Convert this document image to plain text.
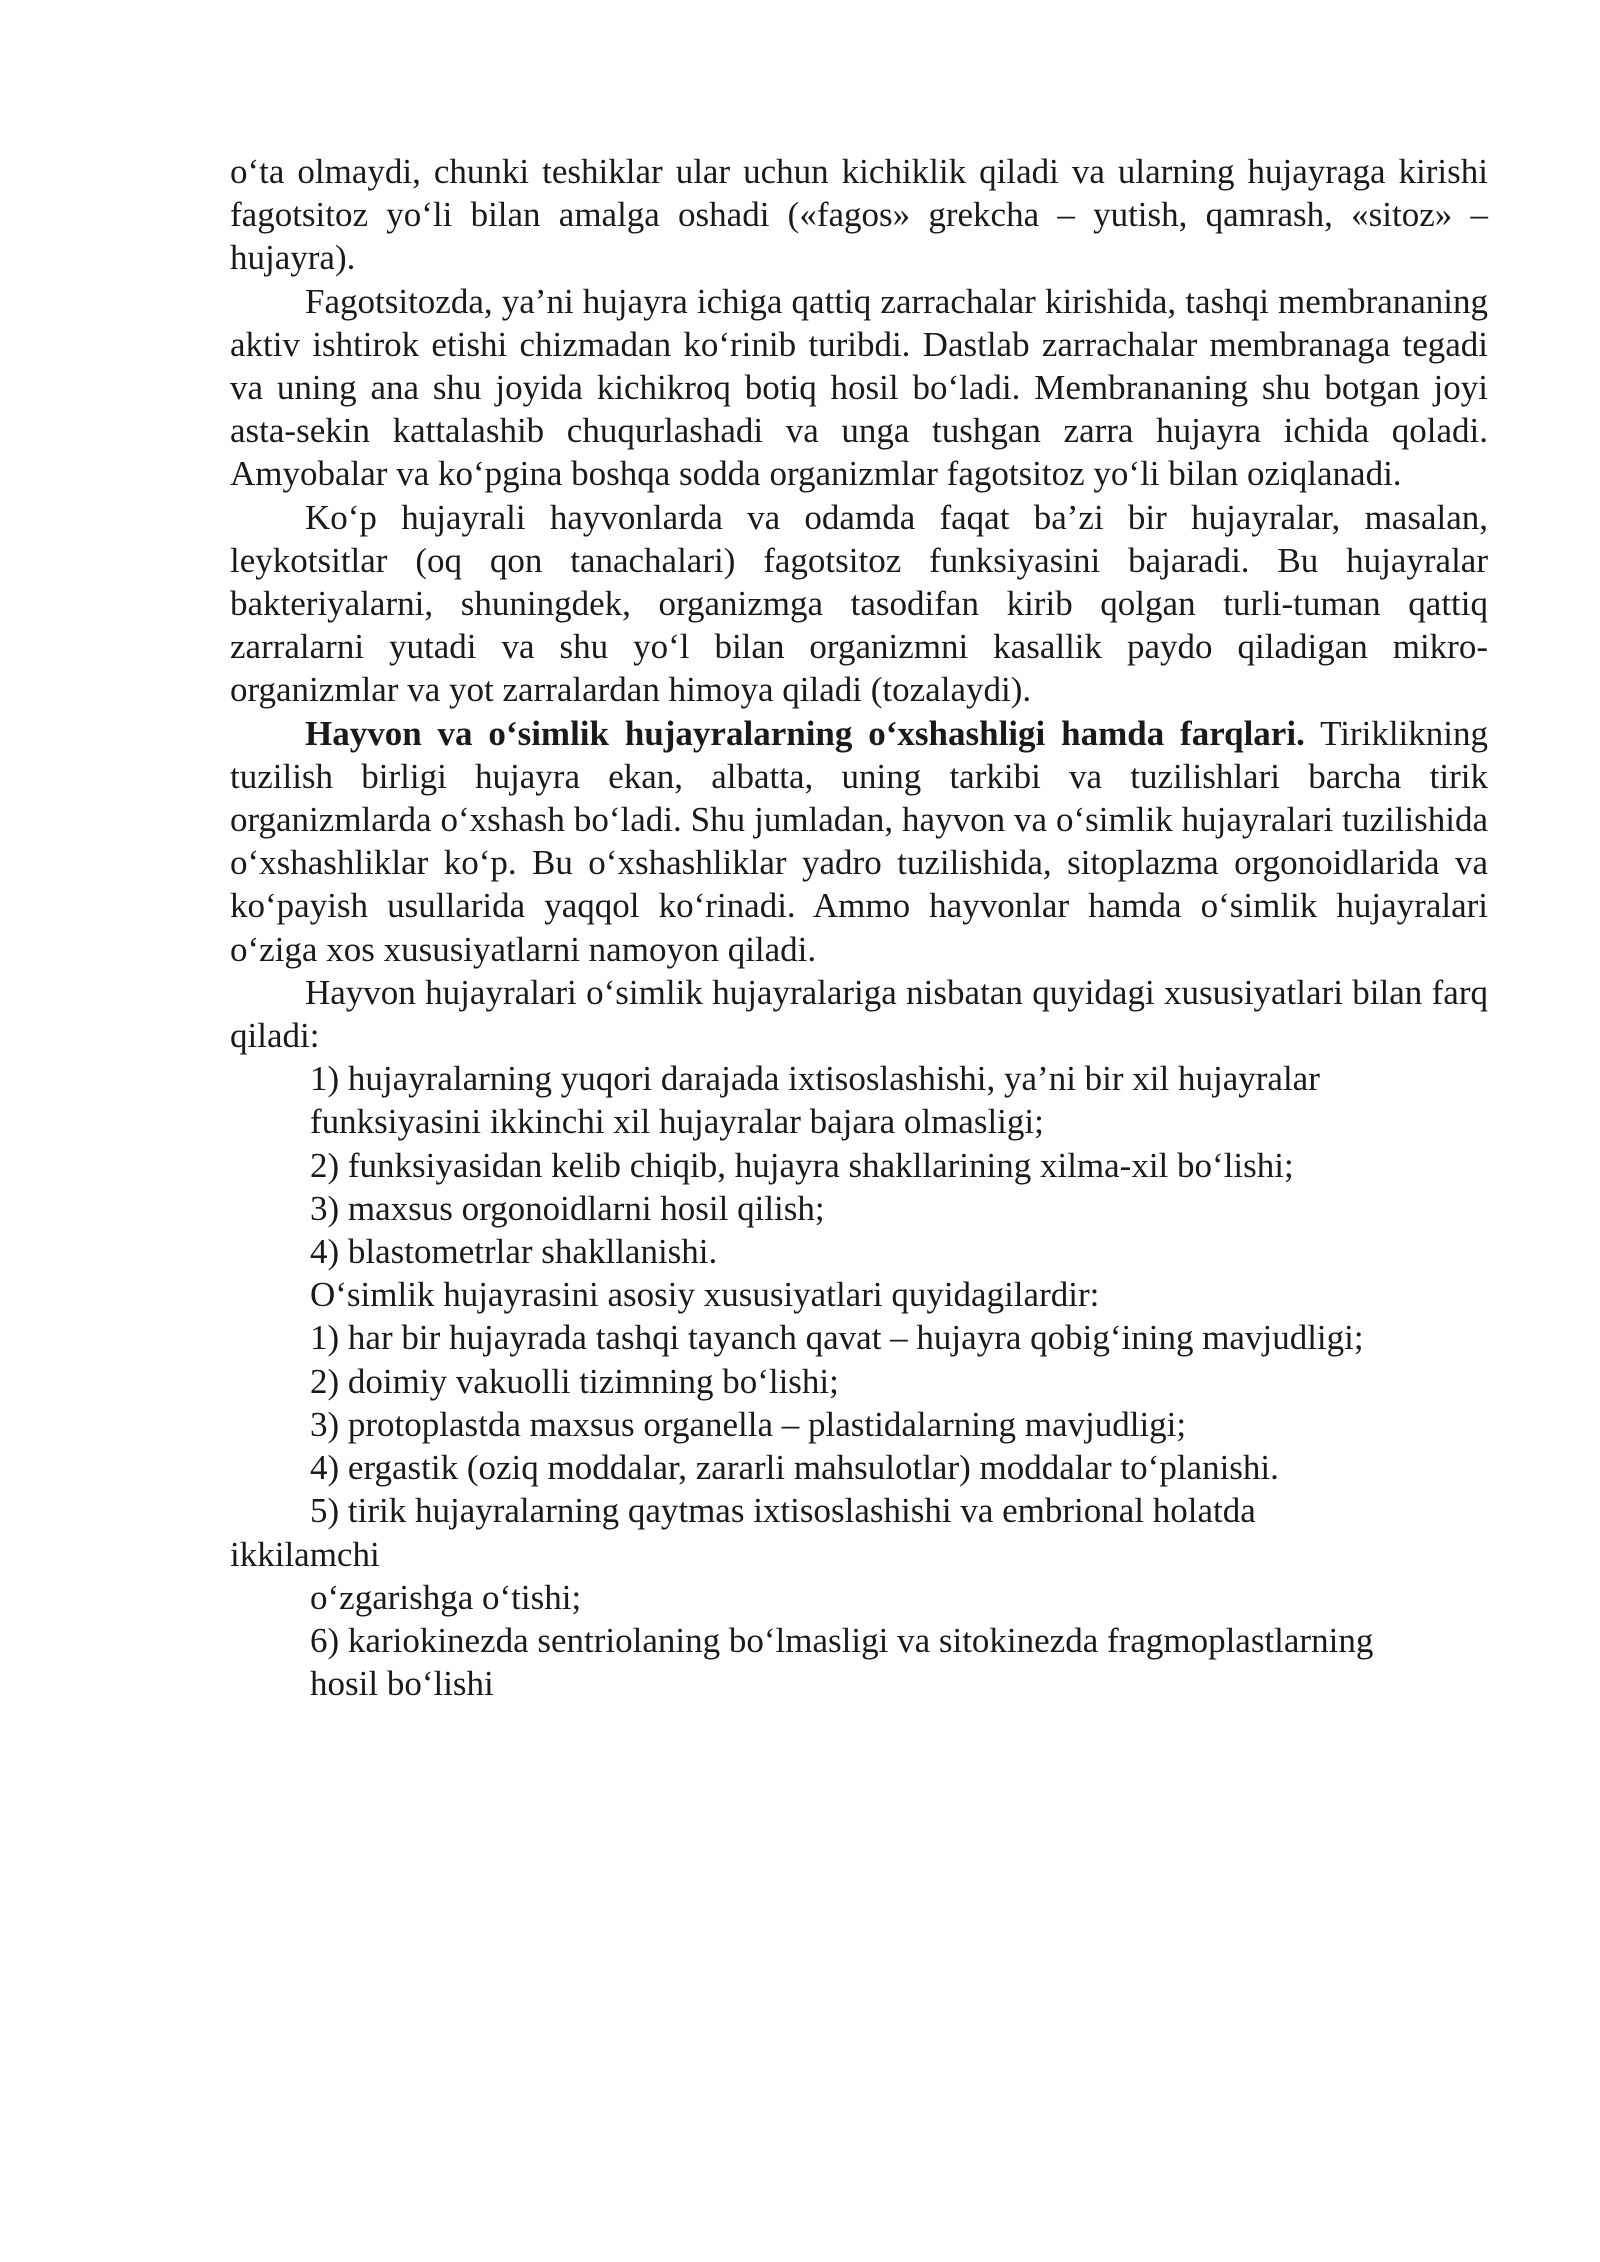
o‘ta olmaydi, chunki teshiklar ular uchun kichiklik qiladi va ularning hujayraga kirishi fagotsitoz yo‘li bilan amalga oshadi («fagos» grekcha – yutish, qamrash, «sitoz» – hujayra).

Fagotsitozda, ya’ni hujayra ichiga qattiq zarrachalar kirishida, tashqi membrananing aktiv ishtirok etishi chizmadan ko‘rinib turibdi. Dastlab zarrachalar membranaga tegadi va uning ana shu joyida kichikroq botiq hosil bo‘ladi. Membrananing shu botgan joyi asta-sekin kattalashib chuqurlashadi va unga tushgan zarra hujayra ichida qoladi. Amyobalar va ko‘pgina boshqa sodda organizmlar fagotsitoz yo‘li bilan oziqlanadi.

Ko‘p hujayrali hayvonlarda va odamda faqat ba’zi bir hujayralar, masalan, leykotsitlar (oq qon tanachalari) fagotsitoz funksiyasini bajaradi. Bu hujayralar bakteriyalarni, shuningdek, organizmga tasodifan kirib qolgan turli-tuman qattiq zarralarni yutadi va shu yo‘l bilan organizmni kasallik paydo qiladigan mikro-organizmlar va yot zarralardan himoya qiladi (tozalaydi).

Hayvon va o‘simlik hujayralarning o‘xshashligi hamda farqlari. Tiriklikning tuzilish birligi hujayra ekan, albatta, uning tarkibi va tuzilishlari barcha tirik organizmlarda o‘xshash bo‘ladi. Shu jumladan, hayvon va o‘simlik hujayralari tuzilishida o‘xshashliklar ko‘p. Bu o‘xshashliklar yadro tuzilishida, sitoplazma orgonoidlarida va ko‘payish usullarida yaqqol ko‘rinadi. Ammo hayvonlar hamda o‘simlik hujayralari o‘ziga xos xususiyatlarni namoyon qiladi.

Hayvon hujayralari o‘simlik hujayralariga nisbatan quyidagi xususiyatlari bilan farq qiladi:

1) hujayralarning yuqori darajada ixtisoslashishi, ya’ni bir xil hujayralar
funksiyasini ikkinchi xil hujayralar bajara olmasligi;
2) funksiyasidan kelib chiqib, hujayra shakllarining xilma-xil bo‘lishi;
3) maxsus orgonoidlarni hosil qilish;
4) blastometrlar shakllanishi.
O‘simlik hujayrasini asosiy xususiyatlari quyidagilardir:
1) har bir hujayrada tashqi tayanch qavat – hujayra qobig‘ining mavjudligi;
2) doimiy vakuolli tizimning bo‘lishi;
3) protoplastda maxsus organella – plastidalarning mavjudligi;
4) ergastik (oziq moddalar, zararli mahsulotlar) moddalar to‘planishi.
5) tirik hujayralarning qaytmas ixtisoslashishi va embrional holatda
ikkilamchi
o‘zgarishga o‘tishi;
6) kariokinezda sentriolaning bo‘lmasligi va sitokinezda fragmoplastlarning
hosil bo‘lishi
